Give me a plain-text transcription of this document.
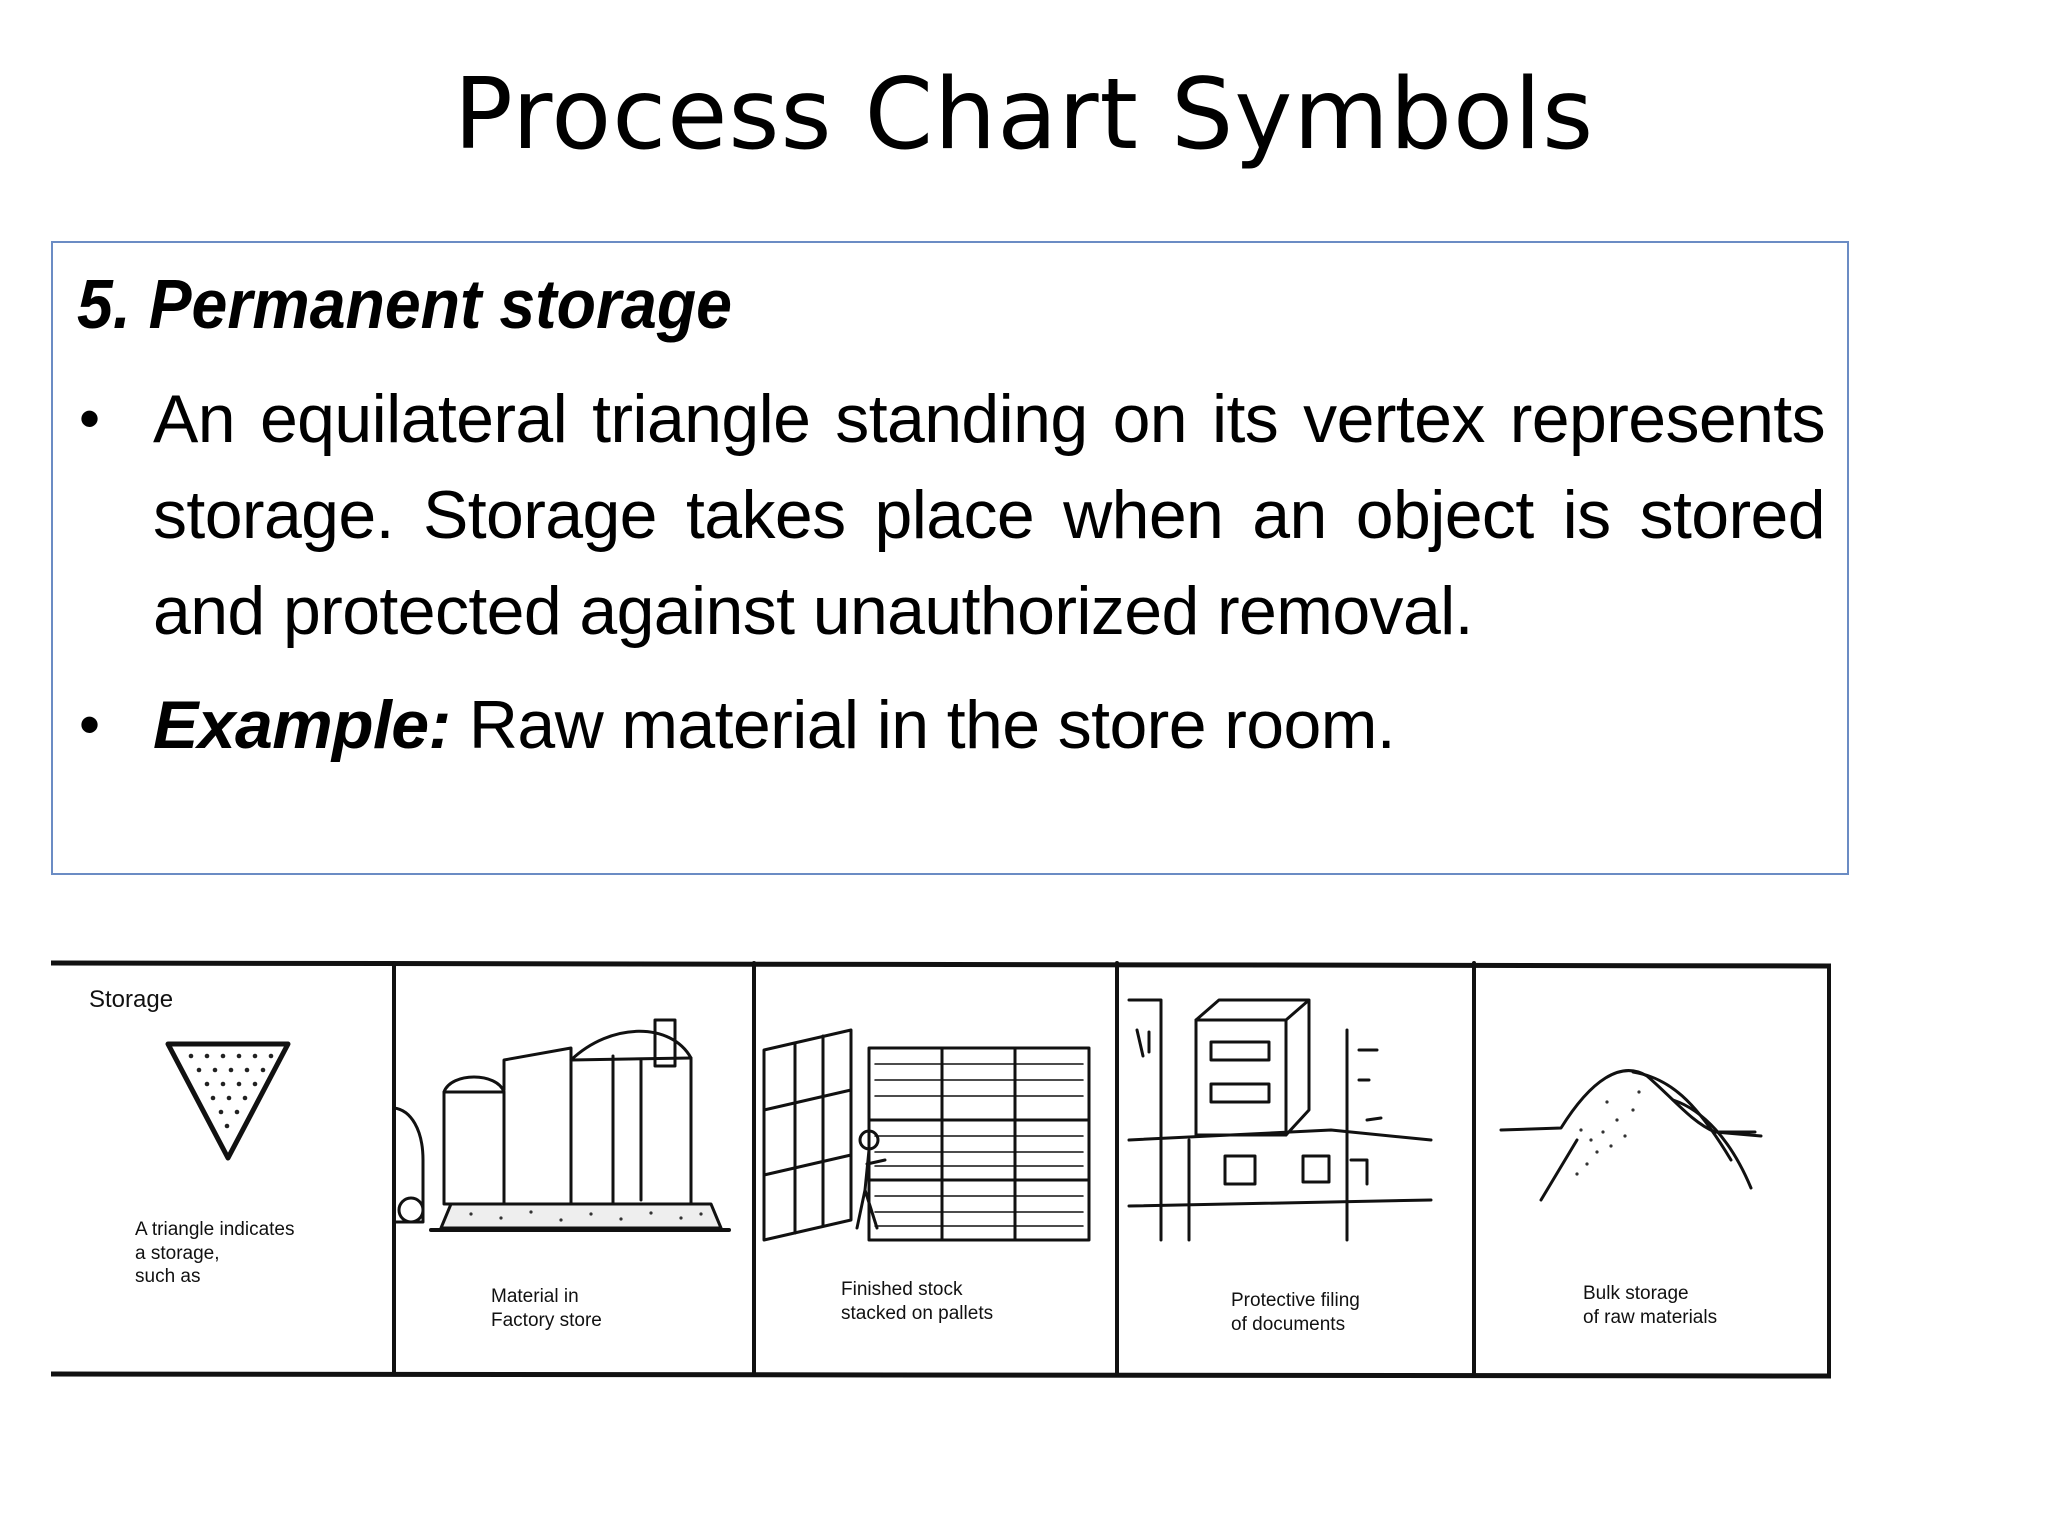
Process Chart Symbols
5. Permanent storage
• An equilateral triangle standing on its vertex represents storage. Storage takes place when an object is stored and protected against unauthorized removal.
• Example: Raw material in the store room.
Storage
A triangle indicates
a storage,
such as
Material in
Factory store
Finished stock
stacked on pallets
Protective filing
of documents
Bulk storage
of raw materials
